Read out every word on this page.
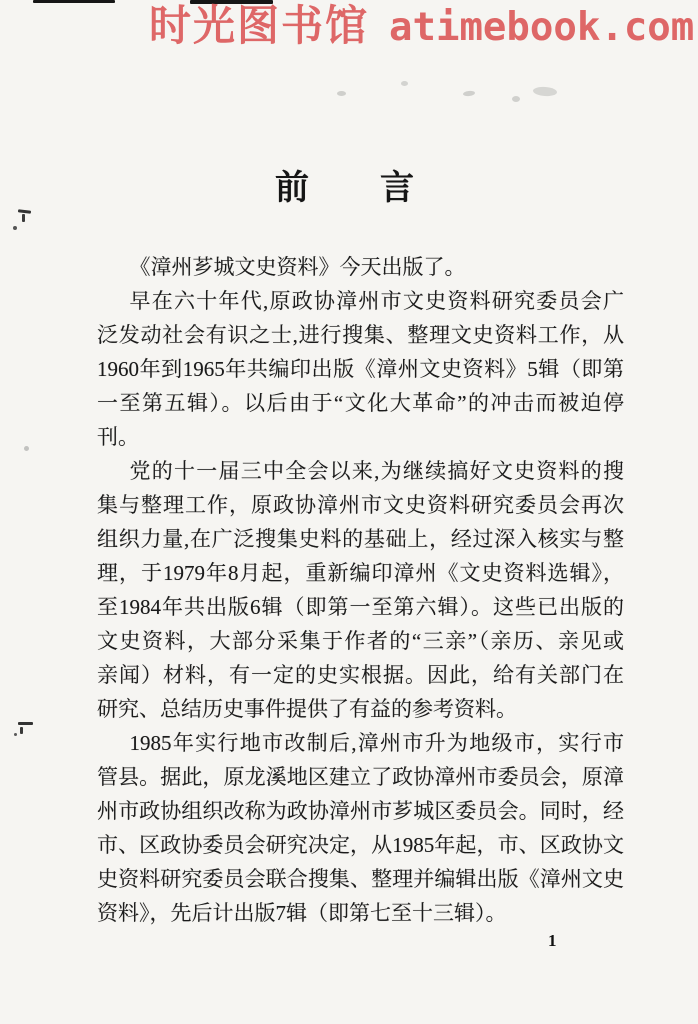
时光图书馆 atimebook.com
前　　言
《漳州芗城文史资料》今天出版了。
早在六十年代,原政协漳州市文史资料研究委员会广
泛发动社会有识之士,进行搜集、整理文史资料工作，从
1960年到1965年共编印出版《漳州文史资料》5辑（即第
一至第五辑）。以后由于“文化大革命”的冲击而被迫停
刊。
党的十一届三中全会以来,为继续搞好文史资料的搜
集与整理工作，原政协漳州市文史资料研究委员会再次
组织力量,在广泛搜集史料的基础上，经过深入核实与整
理，于1979年8月起，重新编印漳州《文史资料选辑》，
至1984年共出版6辑（即第一至第六辑）。这些已出版的
文史资料，大部分采集于作者的“三亲”（亲历、亲见或
亲闻）材料，有一定的史实根据。因此，给有关部门在
研究、总结历史事件提供了有益的参考资料。
1985年实行地市改制后,漳州市升为地级市，实行市
管县。据此，原龙溪地区建立了政协漳州市委员会，原漳
州市政协组织改称为政协漳州市芗城区委员会。同时，经
市、区政协委员会研究决定，从1985年起，市、区政协文
史资料研究委员会联合搜集、整理并编辑出版《漳州文史
资料》，先后计出版7辑（即第七至十三辑）。
1
